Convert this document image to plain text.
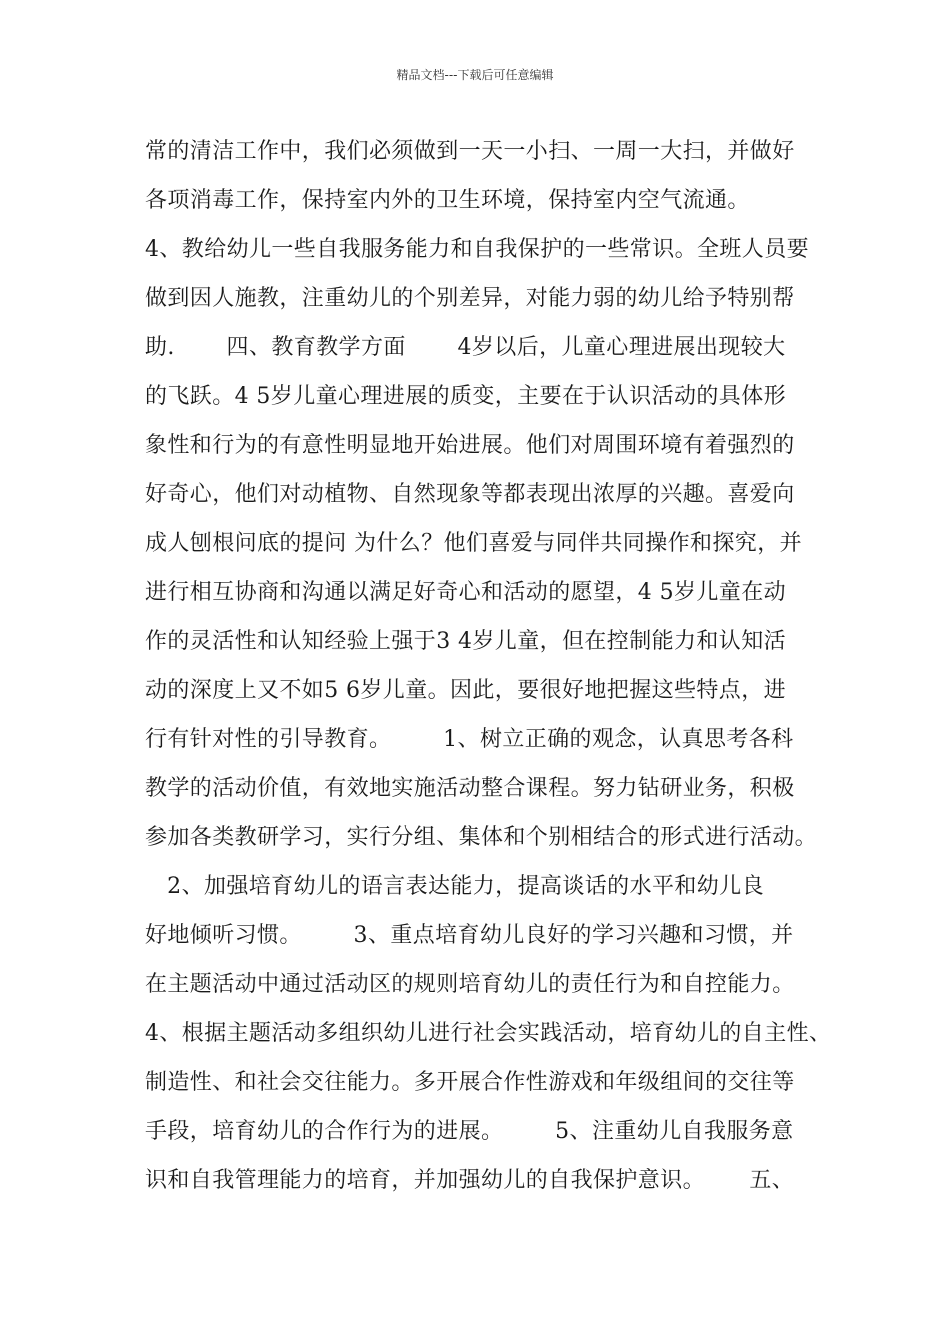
精品文档---下载后可任意编辑
常的清洁工作中，我们必须做到一天一小扫、一周一大扫，并做好
各项消毒工作，保持室内外的卫生环境，保持室内空气流通。
4、教给幼儿一些自我服务能力和自我保护的一些常识。全班人员要
做到因人施教，注重幼儿的个别差异，对能力弱的幼儿给予特别帮
助.       四、教育教学方面       4岁以后，儿童心理进展出现较大
的飞跃。4 5岁儿童心理进展的质变，主要在于认识活动的具体形
象性和行为的有意性明显地开始进展。他们对周围环境有着强烈的
好奇心，他们对动植物、自然现象等都表现出浓厚的兴趣。喜爱向
成人刨根问底的提问 为什么？他们喜爱与同伴共同操作和探究，并
进行相互协商和沟通以满足好奇心和活动的愿望，4 5岁儿童在动
作的灵活性和认知经验上强于3 4岁儿童，但在控制能力和认知活
动的深度上又不如5 6岁儿童。因此，要很好地把握这些特点，进
行有针对性的引导教育。       1、树立正确的观念，认真思考各科
教学的活动价值，有效地实施活动整合课程。努力钻研业务，积极
参加各类教研学习，实行分组、集体和个别相结合的形式进行活动。
2、加强培育幼儿的语言表达能力，提高谈话的水平和幼儿良
好地倾听习惯。       3、重点培育幼儿良好的学习兴趣和习惯，并
在主题活动中通过活动区的规则培育幼儿的责任行为和自控能力。
4、根据主题活动多组织幼儿进行社会实践活动，培育幼儿的自主性、
制造性、和社会交往能力。多开展合作性游戏和年级组间的交往等
手段，培育幼儿的合作行为的进展。       5、注重幼儿自我服务意
识和自我管理能力的培育，并加强幼儿的自我保护意识。      五、
